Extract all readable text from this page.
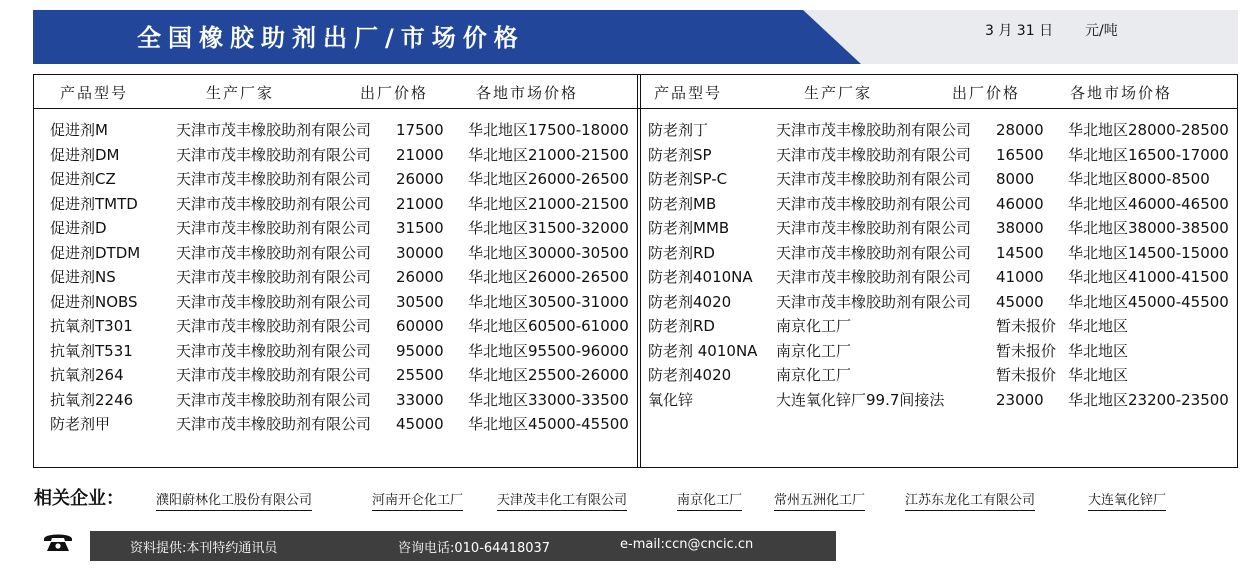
全国橡胶助剂出厂/市场价格	3 月 31 日 元/吨
产品型号	生产厂家	出厂价格	各地市场价格	产品型号	生产厂家	出厂价格	各地市场价格
促进剂M	天津市茂丰橡胶助剂有限公司 17500 华北地区17500-18000
促进剂DM	天津市茂丰橡胶助剂有限公司 21000 华北地区21000-21500
促进剂CZ	天津市茂丰橡胶助剂有限公司 26000 华北地区26000-26500
促进剂TMTD	天津市茂丰橡胶助剂有限公司 21000 华北地区21000-21500
促进剂D	天津市茂丰橡胶助剂有限公司 31500 华北地区31500-32000
促进剂DTDM 天津市茂丰橡胶助剂有限公司 30000 华北地区30000-30500
促进剂NS	天津市茂丰橡胶助剂有限公司 26000 华北地区26000-26500
促进剂NOBS	天津市茂丰橡胶助剂有限公司 30500 华北地区30500-31000
抗氧剂T301	天津市茂丰橡胶助剂有限公司 60000 华北地区60500-61000
抗氧剂T531	天津市茂丰橡胶助剂有限公司 95000 华北地区95500-96000
抗氧剂264	天津市茂丰橡胶助剂有限公司 25500 华北地区25500-26000
抗氧剂2246	天津市茂丰橡胶助剂有限公司 33000 华北地区33000-33500
防老剂甲	天津市茂丰橡胶助剂有限公司 45000 华北地区45000-45500
防老剂丁	天津市茂丰橡胶助剂有限公司 28000 华北地区28000-28500
防老剂SP	天津市茂丰橡胶助剂有限公司 16500 华北地区16500-17000
防老剂SP-C	天津市茂丰橡胶助剂有限公司 8000 华北地区8000-8500
防老剂MB	天津市茂丰橡胶助剂有限公司 46000 华北地区46000-46500
防老剂MMB	天津市茂丰橡胶助剂有限公司 38000 华北地区38000-38500
防老剂RD	天津市茂丰橡胶助剂有限公司 14500 华北地区14500-15000
防老剂4010NA 天津市茂丰橡胶助剂有限公司 41000 华北地区41000-41500
防老剂4020	天津市茂丰橡胶助剂有限公司 45000 华北地区45000-45500
防老剂RD	南京化工厂	暂未报价 华北地区
防老剂 4010NA 南京化工厂	暂未报价 华北地区
防老剂4020	南京化工厂	暂未报价 华北地区
氧化锌	大连氧化锌厂99.7间接法	23000 华北地区23200-23500
相关企业： 濮阳蔚林化工股份有限公司	河南开仑化工厂	天津茂丰化工有限公司	南京化工厂 常州五洲化工厂	江苏东龙化工有限公司	大连氧化锌厂
资料提供:本刊特约通讯员	咨询电话:010-64418037	e-mail:ccn@cncic.cn
